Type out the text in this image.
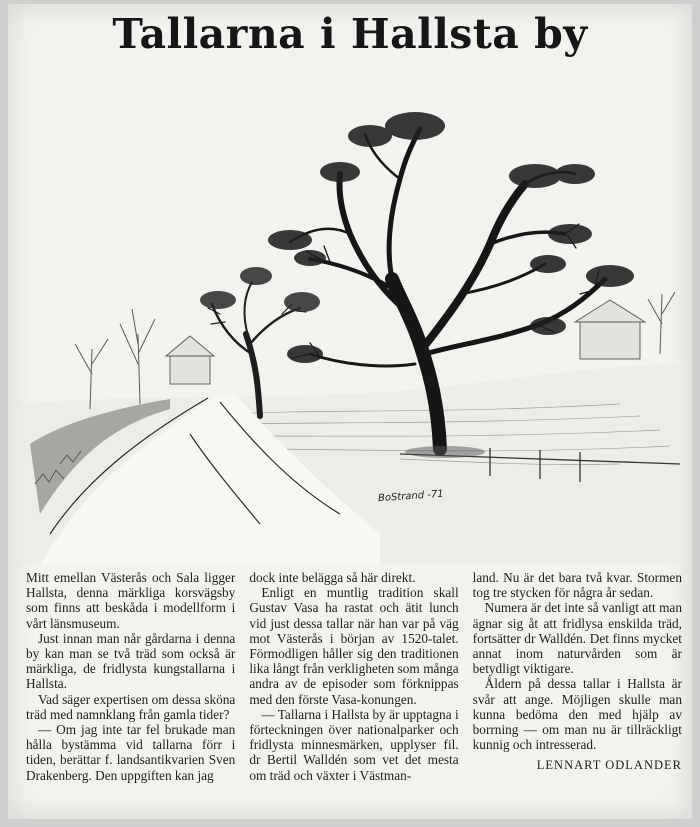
Tallarna i Hallsta by
BoStrand -71

Mitt emellan Västerås och Sala ligger Hallsta, denna märkliga korsvägsby som finns att beskåda i modellform i vårt länsmuseum.

Just innan man når gårdarna i denna by kan man se två träd som också är märkliga, de fridlysta kungstallarna i Hallsta.

Vad säger expertisen om dessa sköna träd med namnklang från gamla tider?

— Om jag inte tar fel brukade man hålla bystämma vid tallarna förr i tiden, berättar f. landsantikvarien Sven Drakenberg. Den uppgiften kan jag

dock inte belägga så här direkt.

Enligt en muntlig tradition skall Gustav Vasa ha rastat och ätit lunch vid just dessa tallar när han var på väg mot Västerås i början av 1520-talet. Förmodligen håller sig den traditionen lika långt från verkligheten som många andra av de episoder som förknippas med den förste Vasa-konungen.

— Tallarna i Hallsta by är upptagna i förteckningen över nationalparker och fridlysta minnesmärken, upplyser fil. dr Bertil Walldén som vet det mesta om träd och växter i Västman-

land. Nu är det bara två kvar. Stormen tog tre stycken för några år sedan.

Numera är det inte så vanligt att man ägnar sig åt att fridlysa enskilda träd, fortsätter dr Walldén. Det finns mycket annat inom naturvården som är betydligt viktigare.

Åldern på dessa tallar i Hallsta är svår att ange. Möjligen skulle man kunna bedöma den med hjälp av borrning — om man nu är tillräckligt kunnig och intresserad.

LENNART ODLANDER
